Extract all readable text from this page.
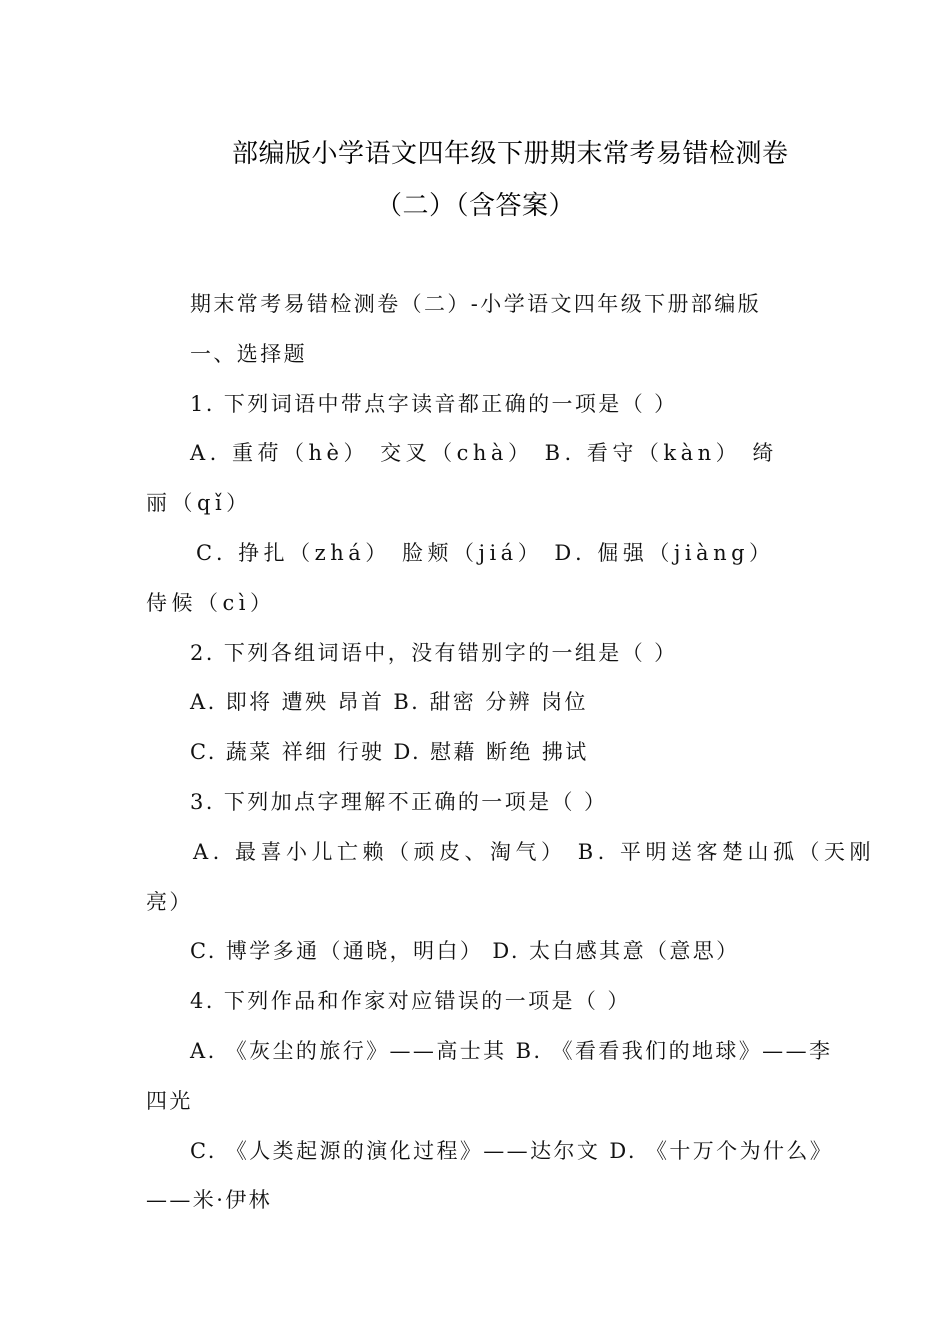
部编版小学语文四年级下册期末常考易错检测卷
（二）（含答案）
期末常考易错检测卷（二）-小学语文四年级下册部编版
一、选择题
1. 下列词语中带点字读音都正确的一项是（ ）
A. 重荷（hè） 交叉（chà） B. 看守（kàn） 绮
丽（qǐ）
C. 挣扎（zhá） 脸颊（jiá） D. 倔强（jiàng）
侍候（cì）
2. 下列各组词语中，没有错别字的一组是（ ）
A. 即将 遭殃 昂首 B. 甜密 分辨 岗位
C. 蔬菜 祥细 行驶 D. 慰藉 断绝 拂试
3. 下列加点字理解不正确的一项是（ ）
A. 最喜小儿亡赖（顽皮、淘气） B. 平明送客楚山孤（天刚
亮）
C. 博学多通（通晓，明白） D. 太白感其意（意思）
4. 下列作品和作家对应错误的一项是（ ）
A. 《灰尘的旅行》——高士其 B. 《看看我们的地球》——李
四光
C. 《人类起源的演化过程》——达尔文 D. 《十万个为什么》
——米·伊林
